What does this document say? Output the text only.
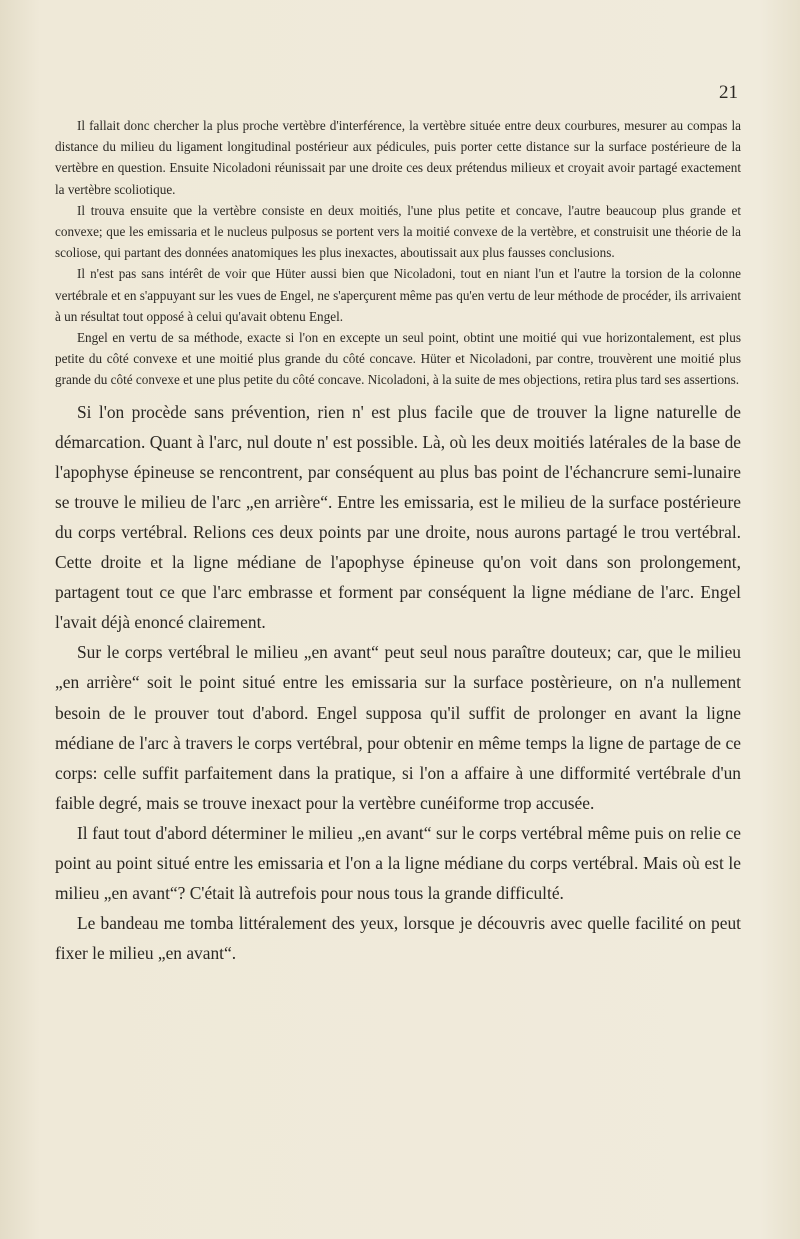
21

Il fallait donc chercher la plus proche vertèbre d'interférence, la vertèbre située entre deux courbures, mesurer au compas la distance du milieu du ligament longitudinal postérieur aux pédicules, puis porter cette distance sur la surface postérieure de la vertèbre en question. Ensuite Nicoladoni réunissait par une droite ces deux prétendus milieux et croyait avoir partagé exactement la vertèbre scoliotique.

Il trouva ensuite que la vertèbre consiste en deux moitiés, l'une plus petite et concave, l'autre beaucoup plus grande et convexe; que les emissaria et le nucleus pulposus se portent vers la moitié convexe de la vertèbre, et construisit une théorie de la scoliose, qui partant des données anatomiques les plus inexactes, aboutissait aux plus fausses conclusions.

Il n'est pas sans intérêt de voir que Hüter aussi bien que Nicoladoni, tout en niant l'un et l'autre la torsion de la colonne vertébrale et en s'appuyant sur les vues de Engel, ne s'aperçurent même pas qu'en vertu de leur méthode de procéder, ils arrivaient à un résultat tout opposé à celui qu'avait obtenu Engel.

Engel en vertu de sa méthode, exacte si l'on en excepte un seul point, obtint une moitié qui vue horizontalement, est plus petite du côté convexe et une moitié plus grande du côté concave. Hüter et Nicoladoni, par contre, trouvèrent une moitié plus grande du côté convexe et une plus petite du côté concave. Nicoladoni, à la suite de mes objections, retira plus tard ses assertions.

Si l'on procède sans prévention, rien n' est plus facile que de trouver la ligne naturelle de démarcation. Quant à l'arc, nul doute n' est possible. Là, où les deux moitiés latérales de la base de l'apophyse épineuse se rencontrent, par conséquent au plus bas point de l'échancrure semi-lunaire se trouve le milieu de l'arc „en arrière“. Entre les emissaria, est le milieu de la surface postérieure du corps vertébral. Relions ces deux points par une droite, nous aurons partagé le trou vertébral. Cette droite et la ligne médiane de l'apophyse épineuse qu'on voit dans son prolongement, partagent tout ce que l'arc embrasse et forment par conséquent la ligne médiane de l'arc. Engel l'avait déjà enoncé clairement.

Sur le corps vertébral le milieu „en avant“ peut seul nous paraître douteux; car, que le milieu „en arrière“ soit le point situé entre les emissaria sur la surface postèrieure, on n'a nullement besoin de le prouver tout d'abord. Engel supposa qu'il suffit de prolonger en avant la ligne médiane de l'arc à travers le corps vertébral, pour obtenir en même temps la ligne de partage de ce corps: celle suffit parfaitement dans la pratique, si l'on a affaire à une difformité vertébrale d'un faible degré, mais se trouve inexact pour la vertèbre cunéiforme trop accusée.

Il faut tout d'abord déterminer le milieu „en avant“ sur le corps vertébral même puis on relie ce point au point situé entre les emissaria et l'on a la ligne médiane du corps vertébral. Mais où est le milieu „en avant“? C'était là autrefois pour nous tous la grande difficulté.

Le bandeau me tomba littéralement des yeux, lorsque je découvris avec quelle facilité on peut fixer le milieu „en avant“.
